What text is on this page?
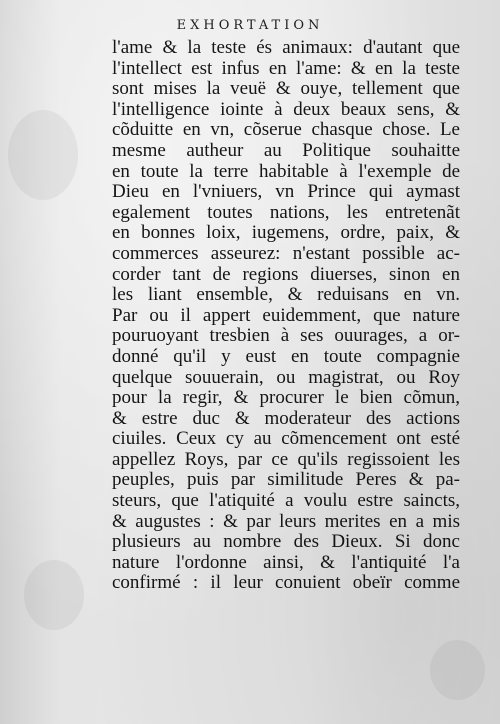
EXHORTATION
l'ame & la teste és animaux: d'autant que
l'intellect est infus en l'ame: & en la teste
sont mises la veuë & ouye, tellement que
l'intelligence iointe à deux beaux sens, &
cõduitte en vn, cõserue chasque chose. Le
mesme autheur au Politique souhaitte
en toute la terre habitable à l'exemple de
Dieu en l'vniuers, vn Prince qui aymast
egalement toutes nations, les entretenãt
en bonnes loix, iugemens, ordre, paix, &
commerces asseurez: n'estant possible ac-
corder tant de regions diuerses, sinon en
les liant ensemble, & reduisans en vn.
Par ou il appert euidemment, que nature
pouruoyant tresbien à ses ouurages, a or-
donné qu'il y eust en toute compagnie
quelque souuerain, ou magistrat, ou Roy
pour la regir, & procurer le bien cõmun,
& estre duc & moderateur des actions
ciuiles. Ceux cy au cõmencement ont esté
appellez Roys, par ce qu'ils regissoient les
peuples, puis par similitude Peres & pa-
steurs, que l'atiquité a voulu estre saincts,
& augustes : & par leurs merites en a mis
plusieurs au nombre des Dieux. Si donc
nature l'ordonne ainsi, & l'antiquité l'a
confirmé : il leur conuient obeïr comme
